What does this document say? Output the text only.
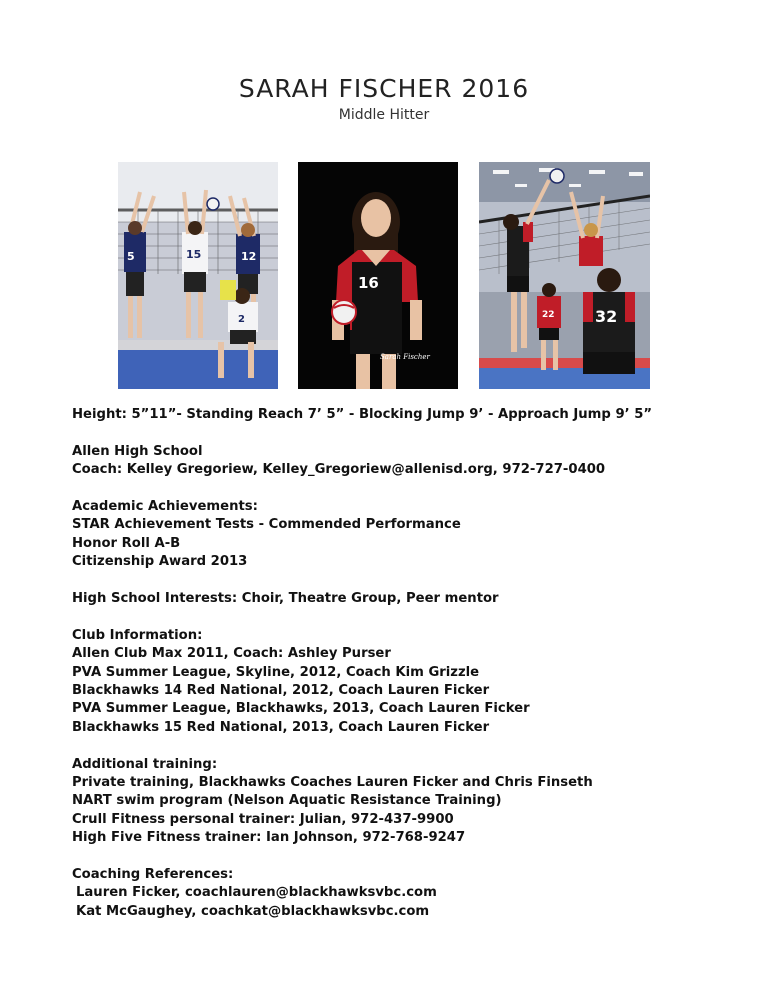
SARAH FISCHER 2016
Middle Hitter
5	15	12
2
16
Sarah Fischer
32
22
Height: 5”11”- Standing Reach 7’ 5” - Blocking Jump 9’ - Approach Jump 9’ 5”
Allen High School
Coach: Kelley Gregoriew, Kelley_Gregoriew@allenisd.org, 972-727-0400
Academic Achievements:
STAR Achievement Tests - Commended Performance
Honor Roll A-B
Citizenship Award 2013
High School Interests: Choir, Theatre Group, Peer mentor
Club Information:
Allen Club Max 2011, Coach: Ashley Purser
PVA Summer League, Skyline, 2012, Coach Kim Grizzle
Blackhawks 14 Red National, 2012, Coach Lauren Ficker
PVA Summer League, Blackhawks, 2013, Coach Lauren Ficker
Blackhawks 15 Red National, 2013, Coach Lauren Ficker
Additional training:
Private training, Blackhawks Coaches Lauren Ficker and Chris Finseth
NART swim program (Nelson Aquatic Resistance Training)
Crull Fitness personal trainer: Julian, 972-437-9900
High Five Fitness trainer: Ian Johnson, 972-768-9247
Coaching References:
Lauren Ficker, coachlauren@blackhawksvbc.com
Kat McGaughey, coachkat@blackhawksvbc.com
